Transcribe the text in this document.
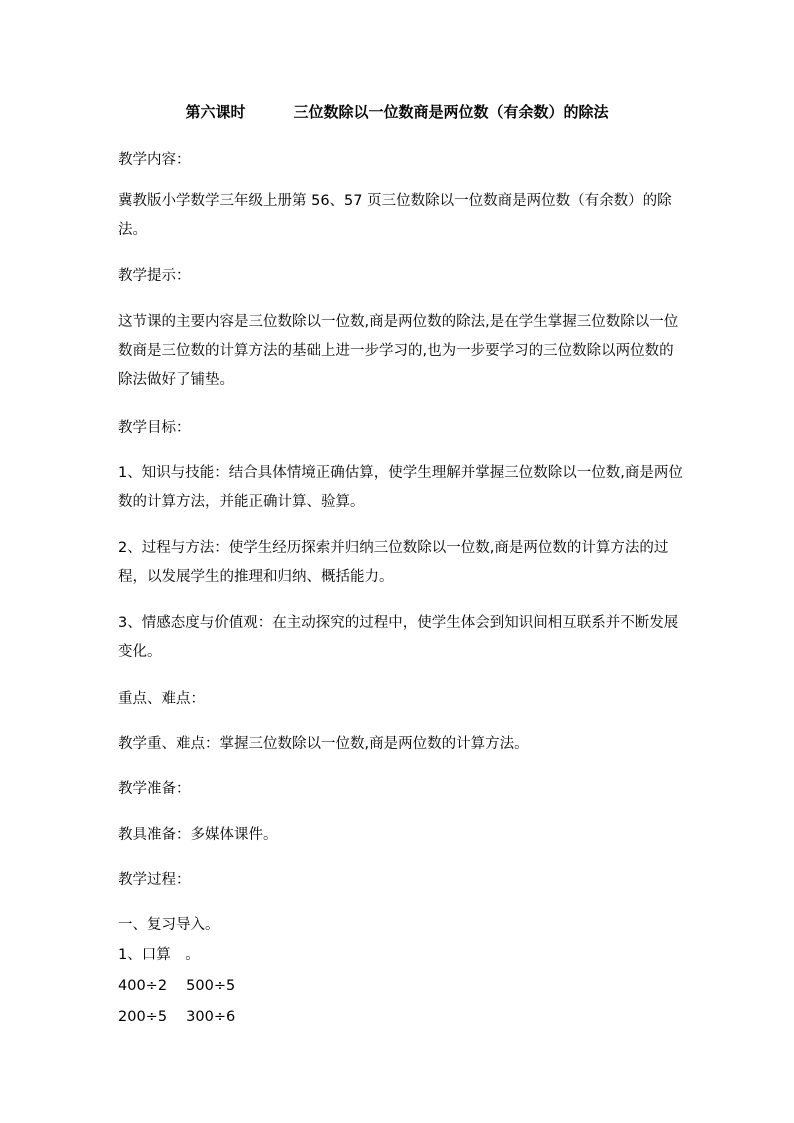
第六课时	三位数除以一位数商是两位数（有余数）的除法

教学内容：

冀教版小学数学三年级上册第 56、57 页三位数除以一位数商是两位数（有余数）的除法。

教学提示：

这节课的主要内容是三位数除以一位数,商是两位数的除法,是在学生掌握三位数除以一位数商是三位数的计算方法的基础上进一步学习的,也为一步要学习的三位数除以两位数的除法做好了铺垫。

教学目标：

1、知识与技能：结合具体情境正确估算，使学生理解并掌握三位数除以一位数,商是两位数的计算方法，并能正确计算、验算。

2、过程与方法：使学生经历探索并归纳三位数除以一位数,商是两位数的计算方法的过程，以发展学生的推理和归纳、概括能力。

3、情感态度与价值观：在主动探究的过程中，使学生体会到知识间相互联系并不断发展变化。

重点、难点：

教学重、难点：掌握三位数除以一位数,商是两位数的计算方法。

教学准备：

教具准备：多媒体课件。

教学过程：

一、复习导入。

1、口算　。

400÷2　 500÷5

200÷5　 300÷6
